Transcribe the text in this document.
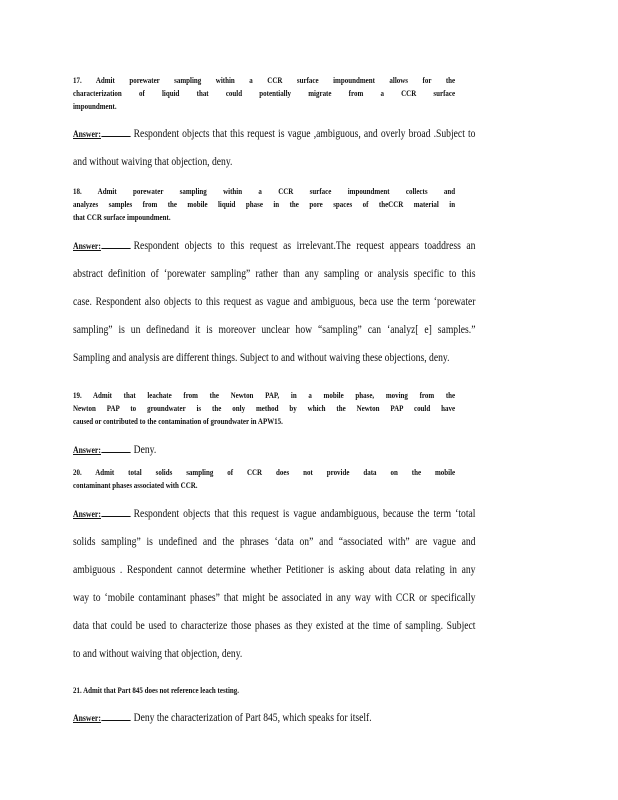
17. Admit porewater sampling within a CCR surface impoundment allows for the
characterization of liquid that could potentially migrate from a CCR surface
impoundment.
Answer:	Respondent objects that this request is vague ,ambiguous, and overly broad .Subject to
and without waiving that objection, deny.
18. Admit porewater sampling within a CCR surface impoundment collects and
analyzes samples from the mobile liquid phase in the pore spaces of theCCR material in
that CCR surface impoundment.
Answer:	Respondent objects to this request as irrelevant.The request appears toaddress an
abstract definition of ‘porewater sampling” rather than any sampling or analysis specific to this
case. Respondent also objects to this request as vague and ambiguous, beca use the term ‘porewater
sampling” is un definedand it is moreover unclear how “sampling” can ‘analyz[ e] samples.”
Sampling and analysis are different things. Subject to and without waiving these objections, deny.
19. Admit that leachate from the Newton PAP, in a mobile phase, moving from the
Newton PAP to groundwater is the only method by which the Newton PAP could have
caused or contributed to the contamination of groundwater in APW15.
Answer:	Deny.
20. Admit total solids sampling of CCR does not provide data on the mobile
contaminant phases associated with CCR.
Answer:	Respondent objects that this request is vague andambiguous, because the term ‘total
solids sampling” is undefined and the phrases ‘data on” and “associated with” are vague and
ambiguous . Respondent cannot determine whether Petitioner is asking about data relating in any
way to ‘mobile contaminant phases” that might be associated in any way with CCR or specifically
data that could be used to characterize those phases as they existed at the time of sampling. Subject
to and without waiving that objection, deny.
21. Admit that Part 845 does not reference leach testing.
Answer:	Deny the characterization of Part 845, which speaks for itself.
